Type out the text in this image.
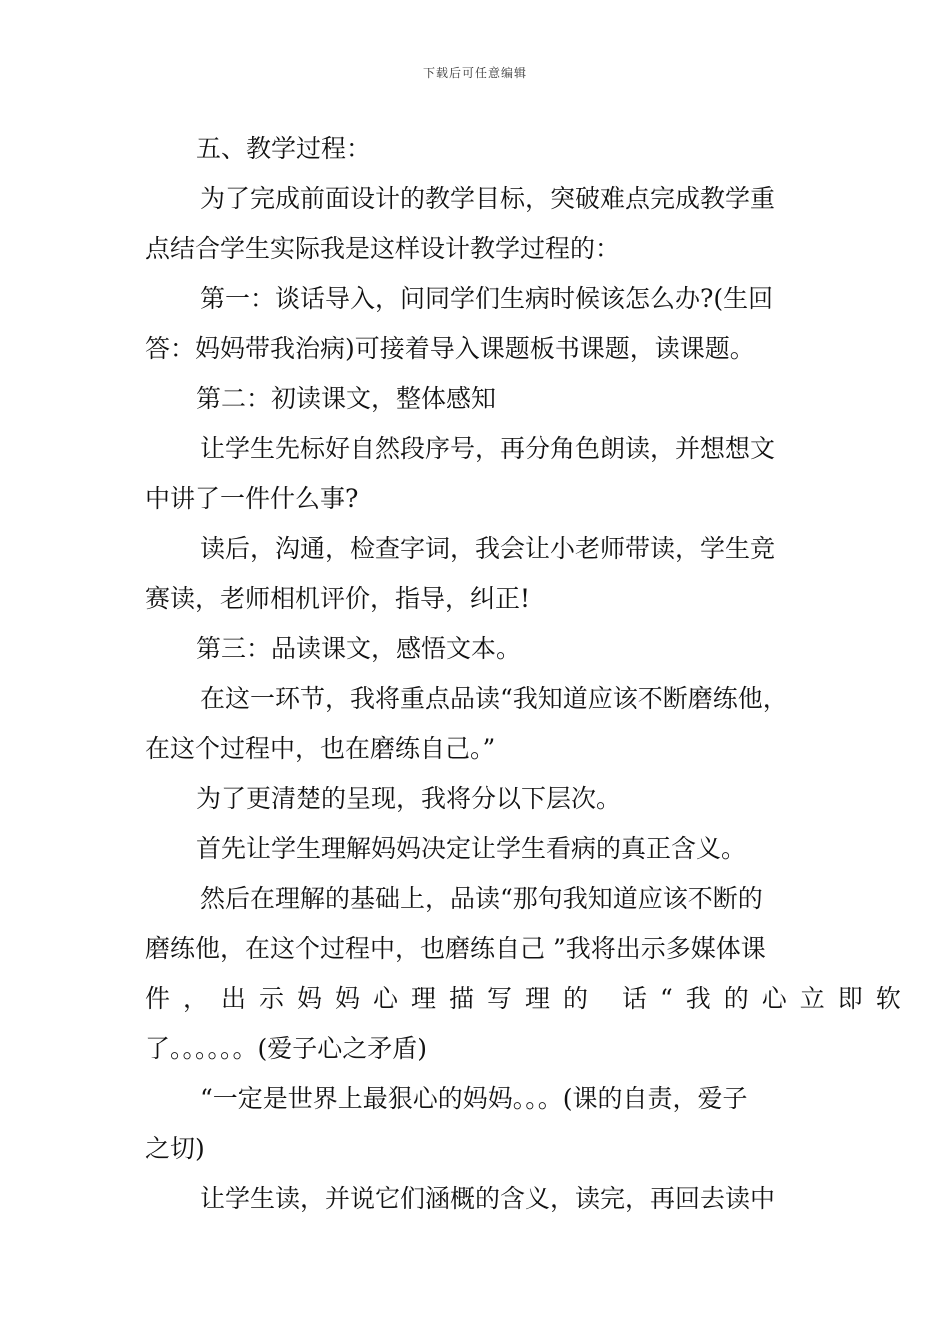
下载后可任意编辑
五、教学过程：
为了完成前面设计的教学目标，突破难点完成教学重
点结合学生实际我是这样设计教学过程的：
第一：谈话导入，问同学们生病时候该怎么办?(生回
答：妈妈带我治病)可接着导入课题板书课题，读课题。
第二：初读课文，整体感知
让学生先标好自然段序号，再分角色朗读，并想想文
中讲了一件什么事?
读后，沟通，检查字词，我会让小老师带读，学生竞
赛读，老师相机评价，指导，纠正!
第三：品读课文，感悟文本。
在这一环节，我将重点品读“我知道应该不断磨练他，
在这个过程中，也在磨练自己。”
为了更清楚的呈现，我将分以下层次。
首先让学生理解妈妈决定让学生看病的真正含义。
然后在理解的基础上，品读“那句我知道应该不断的
磨练他，在这个过程中，也磨练自己 ”我将出示多媒体课
件，出示妈妈心理描写理的 话“我的心立即软
了。。。。。。(爱子心之矛盾)
“一定是世界上最狠心的妈妈。。。(课的自责，爱子
之切)
让学生读，并说它们涵概的含义，读完，再回去读中
